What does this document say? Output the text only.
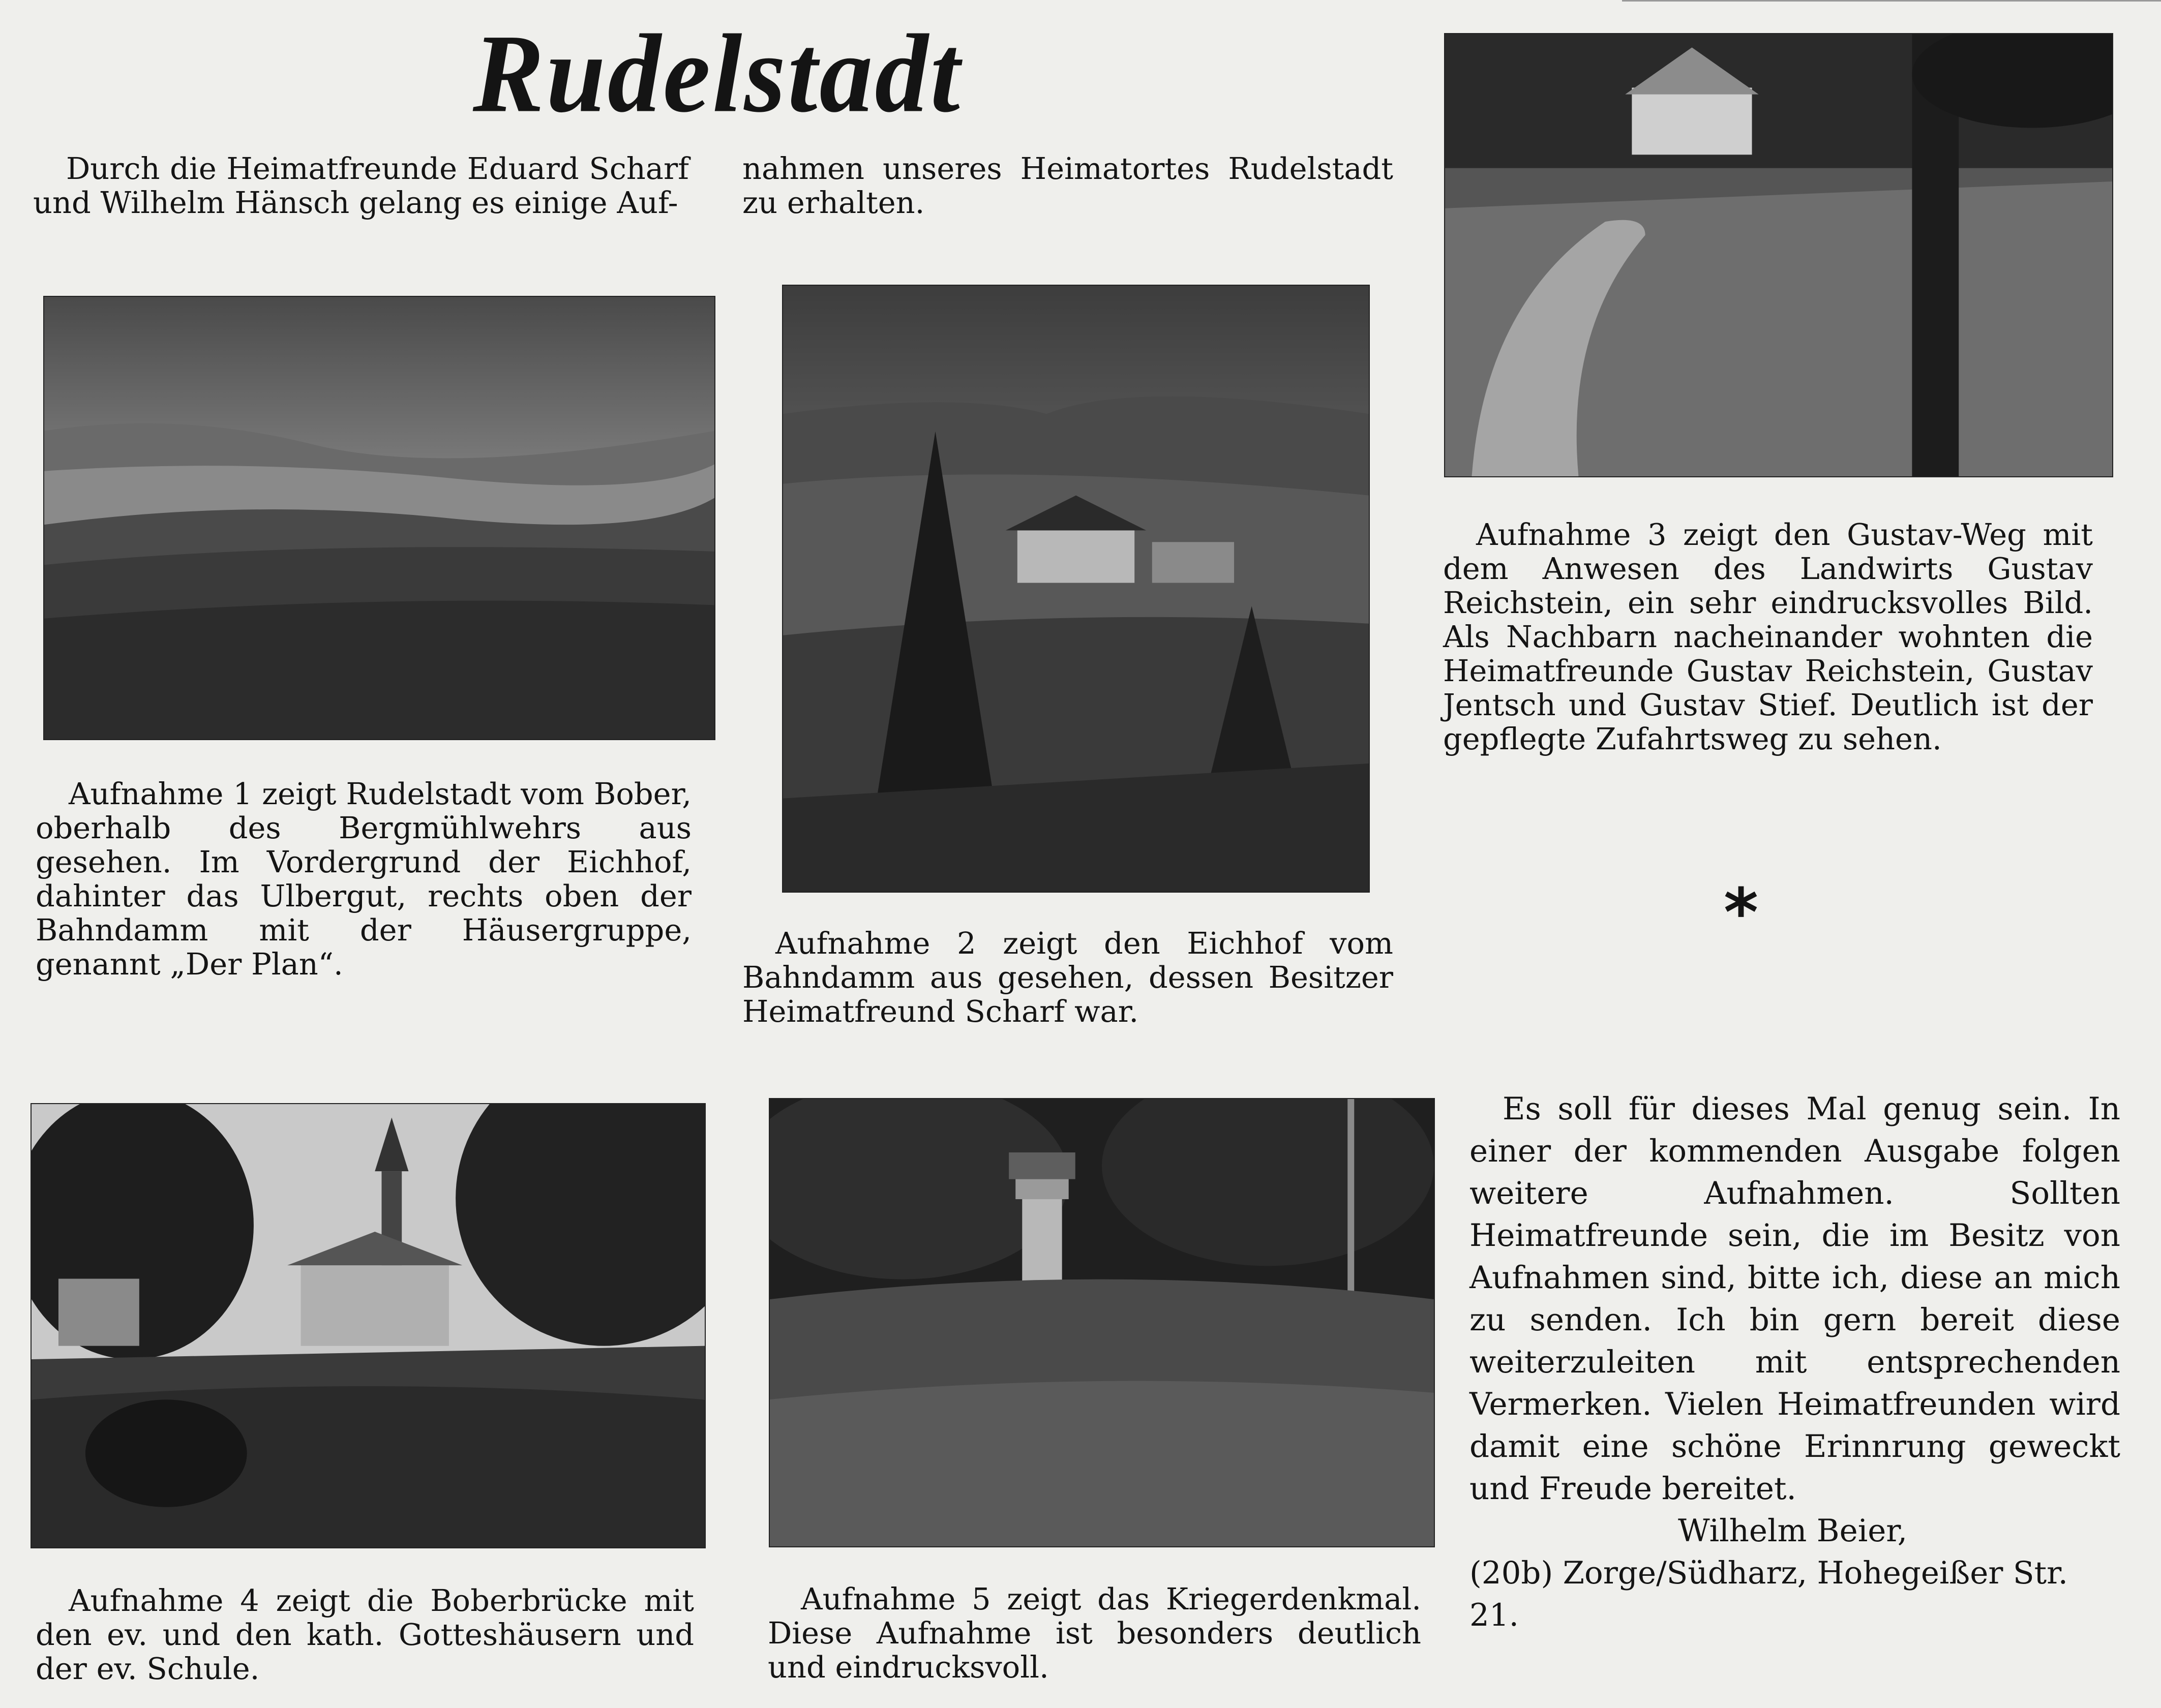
Rudelstadt

Durch die Heimatfreunde Eduard Scharf und Wilhelm Hänsch gelang es einige Auf-

nahmen unseres Heimatortes Rudelstadt zu erhalten.

Aufnahme 1 zeigt Rudelstadt vom Bober, oberhalb des Bergmühlwehrs aus gesehen. Im Vordergrund der Eichhof, dahinter das Ulbergut, rechts oben der Bahndamm mit der Häusergruppe, genannt „Der Plan“.

Aufnahme 2 zeigt den Eichhof vom Bahndamm aus gesehen, dessen Besitzer Heimatfreund Scharf war.

Aufnahme 3 zeigt den Gustav-Weg mit dem Anwesen des Landwirts Gustav Reichstein, ein sehr eindrucksvolles Bild. Als Nachbarn nacheinander wohnten die Heimatfreunde Gustav Reichstein, Gustav Jentsch und Gustav Stief. Deutlich ist der gepflegte Zufahrtsweg zu sehen.

*

Aufnahme 4 zeigt die Boberbrücke mit den ev. und den kath. Gotteshäusern und der ev. Schule.

Aufnahme 5 zeigt das Kriegerdenkmal. Diese Aufnahme ist besonders deutlich und eindrucksvoll.

Es soll für dieses Mal genug sein. In einer der kommenden Ausgabe folgen weitere Aufnahmen. Sollten Heimatfreunde sein, die im Besitz von Aufnahmen sind, bitte ich, diese an mich zu senden. Ich bin gern bereit diese weiterzuleiten mit entsprechenden Vermerken. Vielen Heimatfreunden wird damit eine schöne Erinnrung geweckt und Freude bereitet.

Wilhelm Beier,

(20b) Zorge/Südharz, Hohegeißer Str. 21.
